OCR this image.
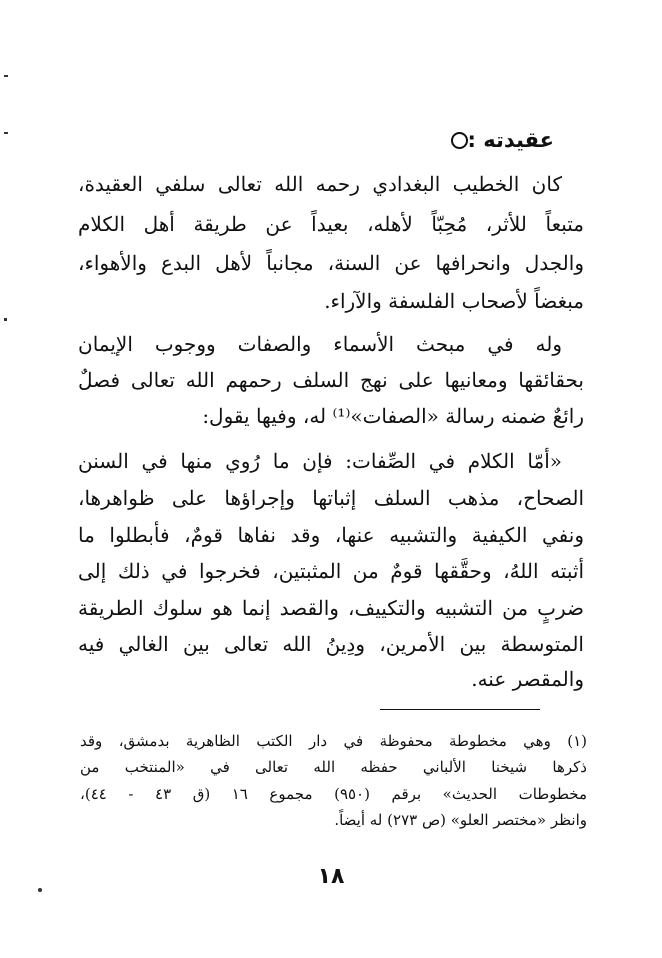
عقيدته :
كان الخطيب البغدادي رحمه الله تعالى سلفي العقيدة،
متبعاً للأثر، مُحِبّاً لأهله، بعيداً عن طريقة أهل الكلام
والجدل وانحرافها عن السنة، مجانباً لأهل البدع والأهواء،
مبغضاً لأصحاب الفلسفة والآراء.
وله في مبحث الأسماء والصفات ووجوب الإيمان
بحقائقها ومعانيها على نهج السلف رحمهم الله تعالى فصلٌ
رائعٌ ضمنه رسالة «الصفات»⁽¹⁾ له، وفيها يقول:
«أمّا الكلام في الصِّفات: فإن ما رُوي منها في السنن
الصحاح، مذهب السلف إثباتها وإجراؤها على ظواهرها،
ونفي الكيفية والتشبيه عنها، وقد نفاها قومٌ، فأبطلوا ما
أثبته اللهُ، وحقَّقها قومٌ من المثبتين، فخرجوا في ذلك إلى
ضربٍ من التشبيه والتكييف، والقصد إنما هو سلوك الطريقة
المتوسطة بين الأمرين، ودِينُ الله تعالى بين الغالي فيه
والمقصر عنه.
(١) وهي مخطوطة محفوظة في دار الكتب الظاهرية بدمشق، وقد
ذكرها شيخنا الألباني حفظه الله تعالى في «المنتخب من
مخطوطات الحديث» برقم (٩٥٠) مجموع ١٦ (ق ٤٣ - ٤٤)،
وانظر «مختصر العلو» (ص ٢٧٣) له أيضاً.
١٨
